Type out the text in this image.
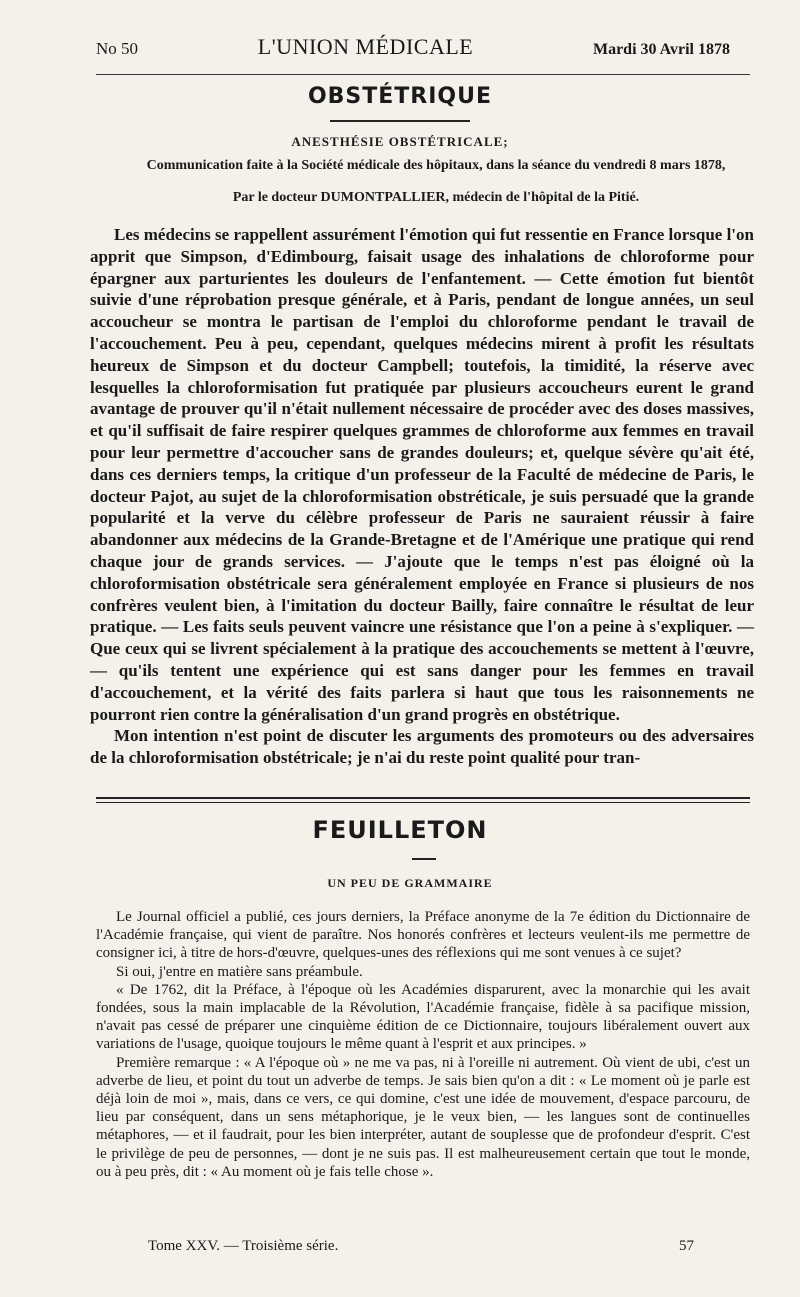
No 50	L'UNION MÉDICALE	Mardi 30 Avril 1878
OBSTÉTRIQUE
ANESTHÉSIE OBSTÉTRICALE;
Communication faite à la Société médicale des hôpitaux, dans la séance du vendredi 8 mars 1878,
Par le docteur DUMONTPALLIER, médecin de l'hôpital de la Pitié.

Les médecins se rappellent assurément l'émotion qui fut ressentie en France lorsque l'on apprit que Simpson, d'Edimbourg, faisait usage des inhalations de chloroforme pour épargner aux parturientes les douleurs de l'enfantement. — Cette émotion fut bientôt suivie d'une réprobation presque générale, et à Paris, pendant de longue années, un seul accoucheur se montra le partisan de l'emploi du chloroforme pendant le travail de l'accouchement. Peu à peu, cependant, quelques médecins mirent à profit les résultats heureux de Simpson et du docteur Campbell; toutefois, la timidité, la réserve avec lesquelles la chloroformisation fut pratiquée par plusieurs accoucheurs eurent le grand avantage de prouver qu'il n'était nullement nécessaire de procéder avec des doses massives, et qu'il suffisait de faire respirer quelques grammes de chloroforme aux femmes en travail pour leur permettre d'accoucher sans de grandes douleurs; et, quelque sévère qu'ait été, dans ces derniers temps, la critique d'un professeur de la Faculté de médecine de Paris, le docteur Pajot, au sujet de la chloroformisation obstréticale, je suis persuadé que la grande popularité et la verve du célèbre professeur de Paris ne sauraient réussir à faire abandonner aux médecins de la Grande-Bretagne et de l'Amérique une pratique qui rend chaque jour de grands services. — J'ajoute que le temps n'est pas éloigné où la chloroformisation obstétricale sera généralement employée en France si plusieurs de nos confrères veulent bien, à l'imitation du docteur Bailly, faire connaître le résultat de leur pratique. — Les faits seuls peuvent vaincre une résistance que l'on a peine à s'expliquer. — Que ceux qui se livrent spécialement à la pratique des accouchements se mettent à l'œuvre, — qu'ils tentent une expérience qui est sans danger pour les femmes en travail d'accouchement, et la vérité des faits parlera si haut que tous les raisonnements ne pourront rien contre la généralisation d'un grand progrès en obstétrique.

Mon intention n'est point de discuter les arguments des promoteurs ou des adversaires de la chloroformisation obstétricale; je n'ai du reste point qualité pour tran-

FEUILLETON
UN PEU DE GRAMMAIRE

Le Journal officiel a publié, ces jours derniers, la Préface anonyme de la 7e édition du Dictionnaire de l'Académie française, qui vient de paraître. Nos honorés confrères et lecteurs veulent-ils me permettre de consigner ici, à titre de hors-d'œuvre, quelques-unes des réflexions qui me sont venues à ce sujet?

Si oui, j'entre en matière sans préambule.

« De 1762, dit la Préface, à l'époque où les Académies disparurent, avec la monarchie qui les avait fondées, sous la main implacable de la Révolution, l'Académie française, fidèle à sa pacifique mission, n'avait pas cessé de préparer une cinquième édition de ce Dictionnaire, toujours libéralement ouvert aux variations de l'usage, quoique toujours le même quant à l'esprit et aux principes. »

Première remarque : « A l'époque où » ne me va pas, ni à l'oreille ni autrement. Où vient de ubi, c'est un adverbe de lieu, et point du tout un adverbe de temps. Je sais bien qu'on a dit : « Le moment où je parle est déjà loin de moi », mais, dans ce vers, ce qui domine, c'est une idée de mouvement, d'espace parcouru, de lieu par conséquent, dans un sens métaphorique, je le veux bien, — les langues sont de continuelles métaphores, — et il faudrait, pour les bien interpréter, autant de souplesse que de profondeur d'esprit. C'est le privilège de peu de personnes, — dont je ne suis pas. Il est malheureusement certain que tout le monde, ou à peu près, dit : « Au moment où je fais telle chose ».

Tome XXV. — Troisième série.	57
